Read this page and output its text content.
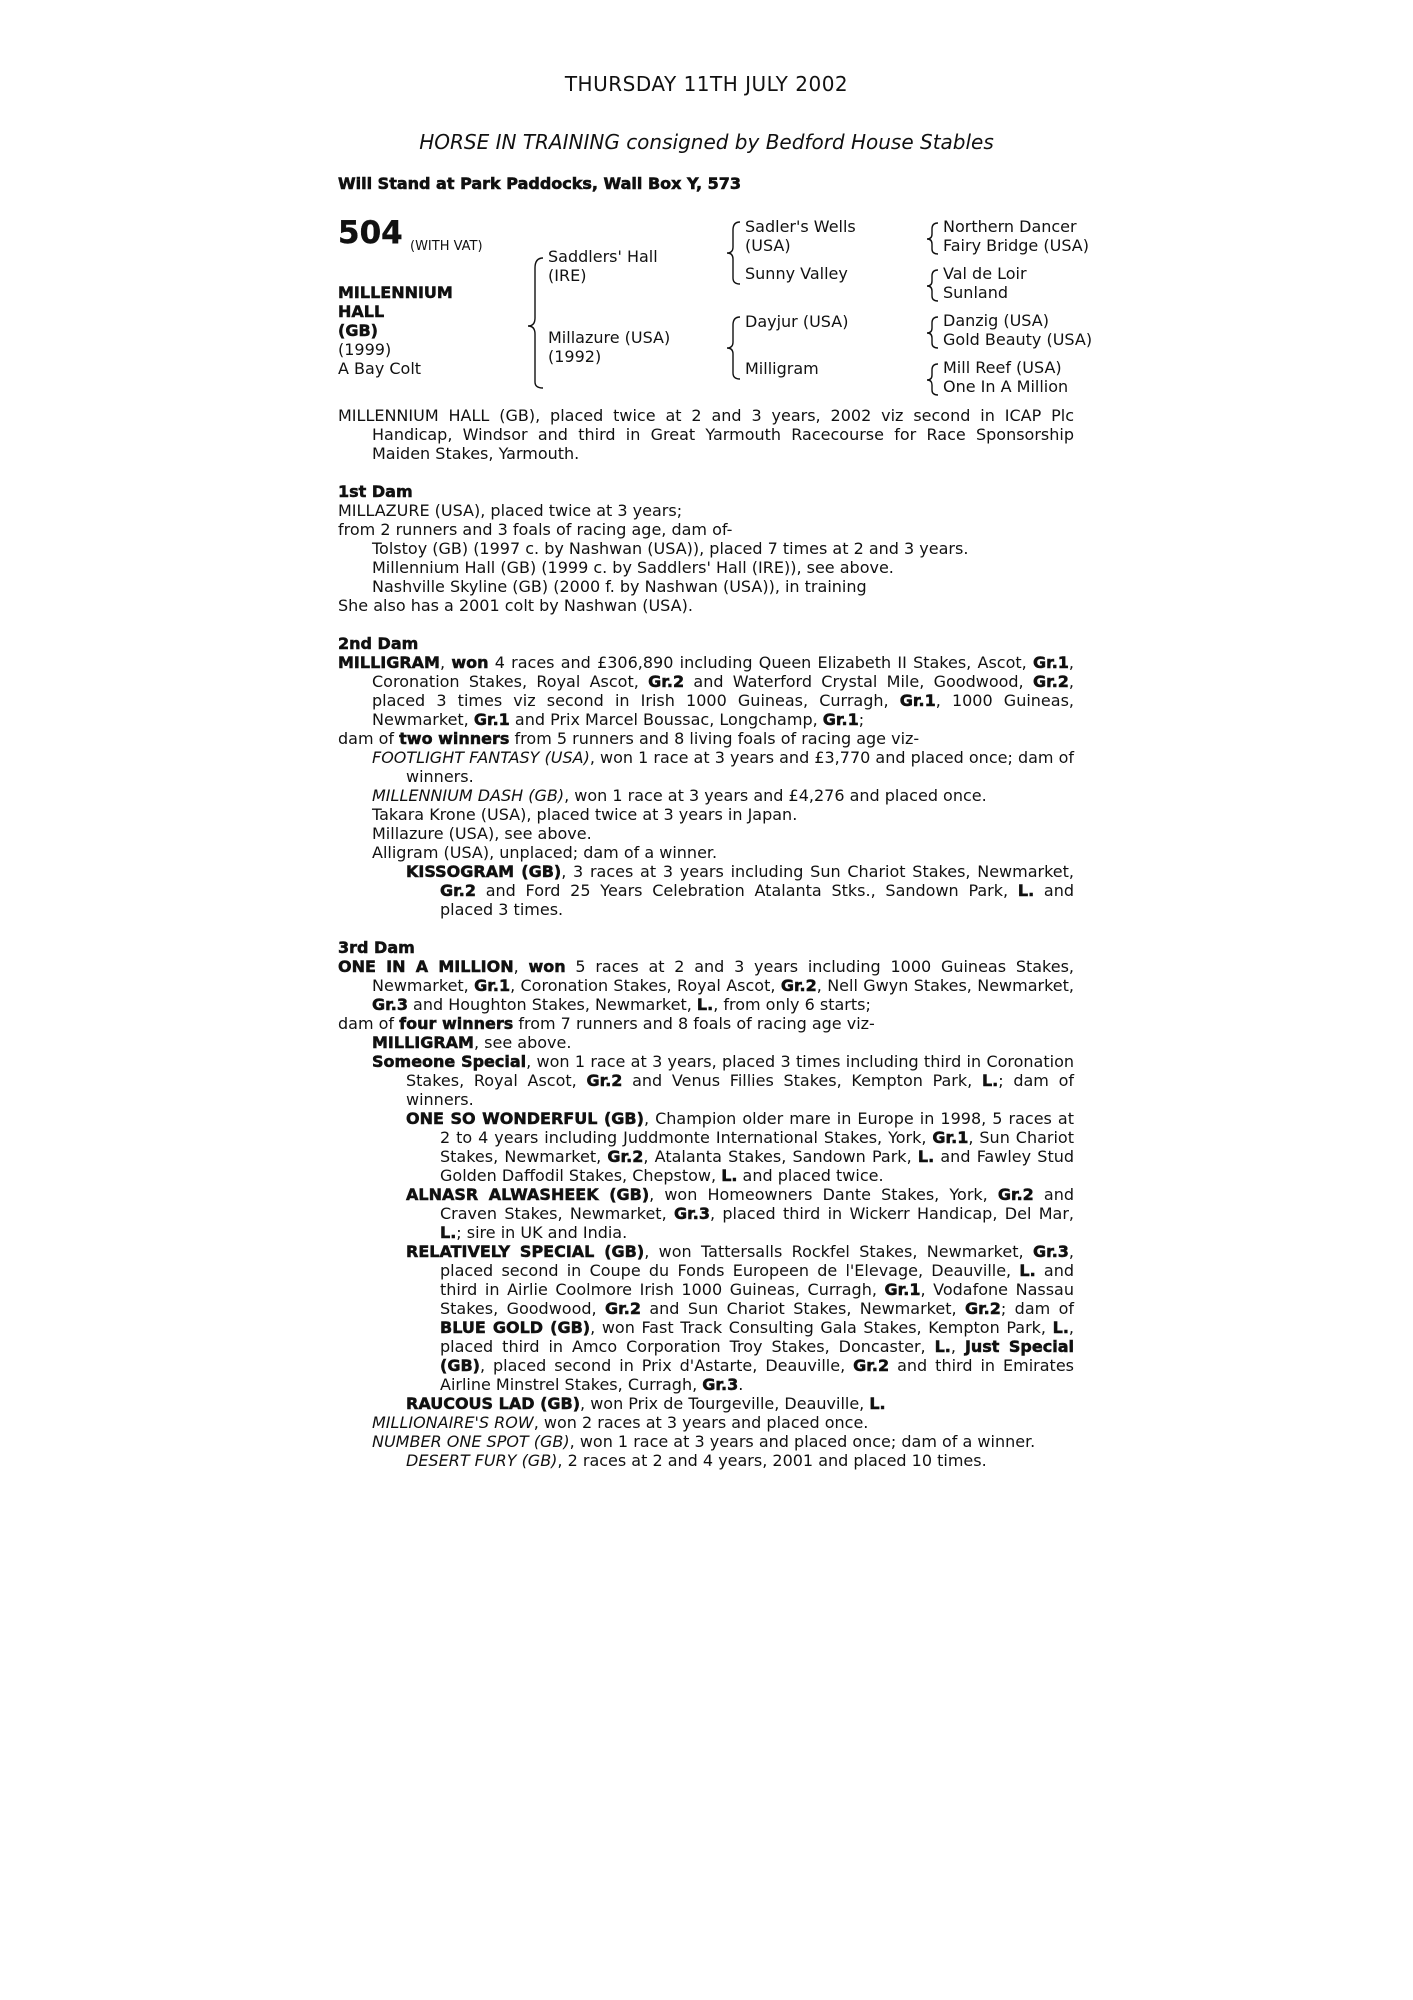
THURSDAY 11TH JULY 2002
HORSE IN TRAINING consigned by Bedford House Stables
Will Stand at Park Paddocks, Wall Box Y, 573
504 (WITH VAT)
MILLENNIUM
HALL
(GB)
(1999)
A Bay Colt
Saddlers' Hall
(IRE)
Millazure (USA)
(1992)
Sadler's Wells
(USA)
Sunny Valley
Dayjur (USA)
Milligram
Northern Dancer
Fairy Bridge (USA)
Val de Loir
Sunland
Danzig (USA)
Gold Beauty (USA)
Mill Reef (USA)
One In A Million

MILLENNIUM HALL (GB), placed twice at 2 and 3 years, 2002 viz second in ICAP Plc Handicap, Windsor and third in Great Yarmouth Racecourse for Race Sponsorship Maiden Stakes, Yarmouth.

1st Dam

MILLAZURE (USA), placed twice at 3 years;

from 2 runners and 3 foals of racing age, dam of-

Tolstoy (GB) (1997 c. by Nashwan (USA)), placed 7 times at 2 and 3 years.

Millennium Hall (GB) (1999 c. by Saddlers' Hall (IRE)), see above.

Nashville Skyline (GB) (2000 f. by Nashwan (USA)), in training

She also has a 2001 colt by Nashwan (USA).

2nd Dam

MILLIGRAM, won 4 races and £306,890 including Queen Elizabeth II Stakes, Ascot, Gr.1, Coronation Stakes, Royal Ascot, Gr.2 and Waterford Crystal Mile, Goodwood, Gr.2, placed 3 times viz second in Irish 1000 Guineas, Curragh, Gr.1, 1000 Guineas, Newmarket, Gr.1 and Prix Marcel Boussac, Longchamp, Gr.1;

dam of two winners from 5 runners and 8 living foals of racing age viz-

FOOTLIGHT FANTASY (USA), won 1 race at 3 years and £3,770 and placed once; dam of winners.

MILLENNIUM DASH (GB), won 1 race at 3 years and £4,276 and placed once.

Takara Krone (USA), placed twice at 3 years in Japan.

Millazure (USA), see above.

Alligram (USA), unplaced; dam of a winner.

KISSOGRAM (GB), 3 races at 3 years including Sun Chariot Stakes, Newmarket, Gr.2 and Ford 25 Years Celebration Atalanta Stks., Sandown Park, L. and placed 3 times.

3rd Dam

ONE IN A MILLION, won 5 races at 2 and 3 years including 1000 Guineas Stakes, Newmarket, Gr.1, Coronation Stakes, Royal Ascot, Gr.2, Nell Gwyn Stakes, Newmarket, Gr.3 and Houghton Stakes, Newmarket, L., from only 6 starts;

dam of four winners from 7 runners and 8 foals of racing age viz-

MILLIGRAM, see above.

Someone Special, won 1 race at 3 years, placed 3 times including third in Coronation Stakes, Royal Ascot, Gr.2 and Venus Fillies Stakes, Kempton Park, L.; dam of winners.

ONE SO WONDERFUL (GB), Champion older mare in Europe in 1998, 5 races at 2 to 4 years including Juddmonte International Stakes, York, Gr.1, Sun Chariot Stakes, Newmarket, Gr.2, Atalanta Stakes, Sandown Park, L. and Fawley Stud Golden Daffodil Stakes, Chepstow, L. and placed twice.

ALNASR ALWASHEEK (GB), won Homeowners Dante Stakes, York, Gr.2 and Craven Stakes, Newmarket, Gr.3, placed third in Wickerr Handicap, Del Mar, L.; sire in UK and India.

RELATIVELY SPECIAL (GB), won Tattersalls Rockfel Stakes, Newmarket, Gr.3, placed second in Coupe du Fonds Europeen de l'Elevage, Deauville, L. and third in Airlie Coolmore Irish 1000 Guineas, Curragh, Gr.1, Vodafone Nassau Stakes, Goodwood, Gr.2 and Sun Chariot Stakes, Newmarket, Gr.2; dam of BLUE GOLD (GB), won Fast Track Consulting Gala Stakes, Kempton Park, L., placed third in Amco Corporation Troy Stakes, Doncaster, L., Just Special (GB), placed second in Prix d'Astarte, Deauville, Gr.2 and third in Emirates Airline Minstrel Stakes, Curragh, Gr.3.

RAUCOUS LAD (GB), won Prix de Tourgeville, Deauville, L.

MILLIONAIRE'S ROW, won 2 races at 3 years and placed once.

NUMBER ONE SPOT (GB), won 1 race at 3 years and placed once; dam of a winner.

DESERT FURY (GB), 2 races at 2 and 4 years, 2001 and placed 10 times.
